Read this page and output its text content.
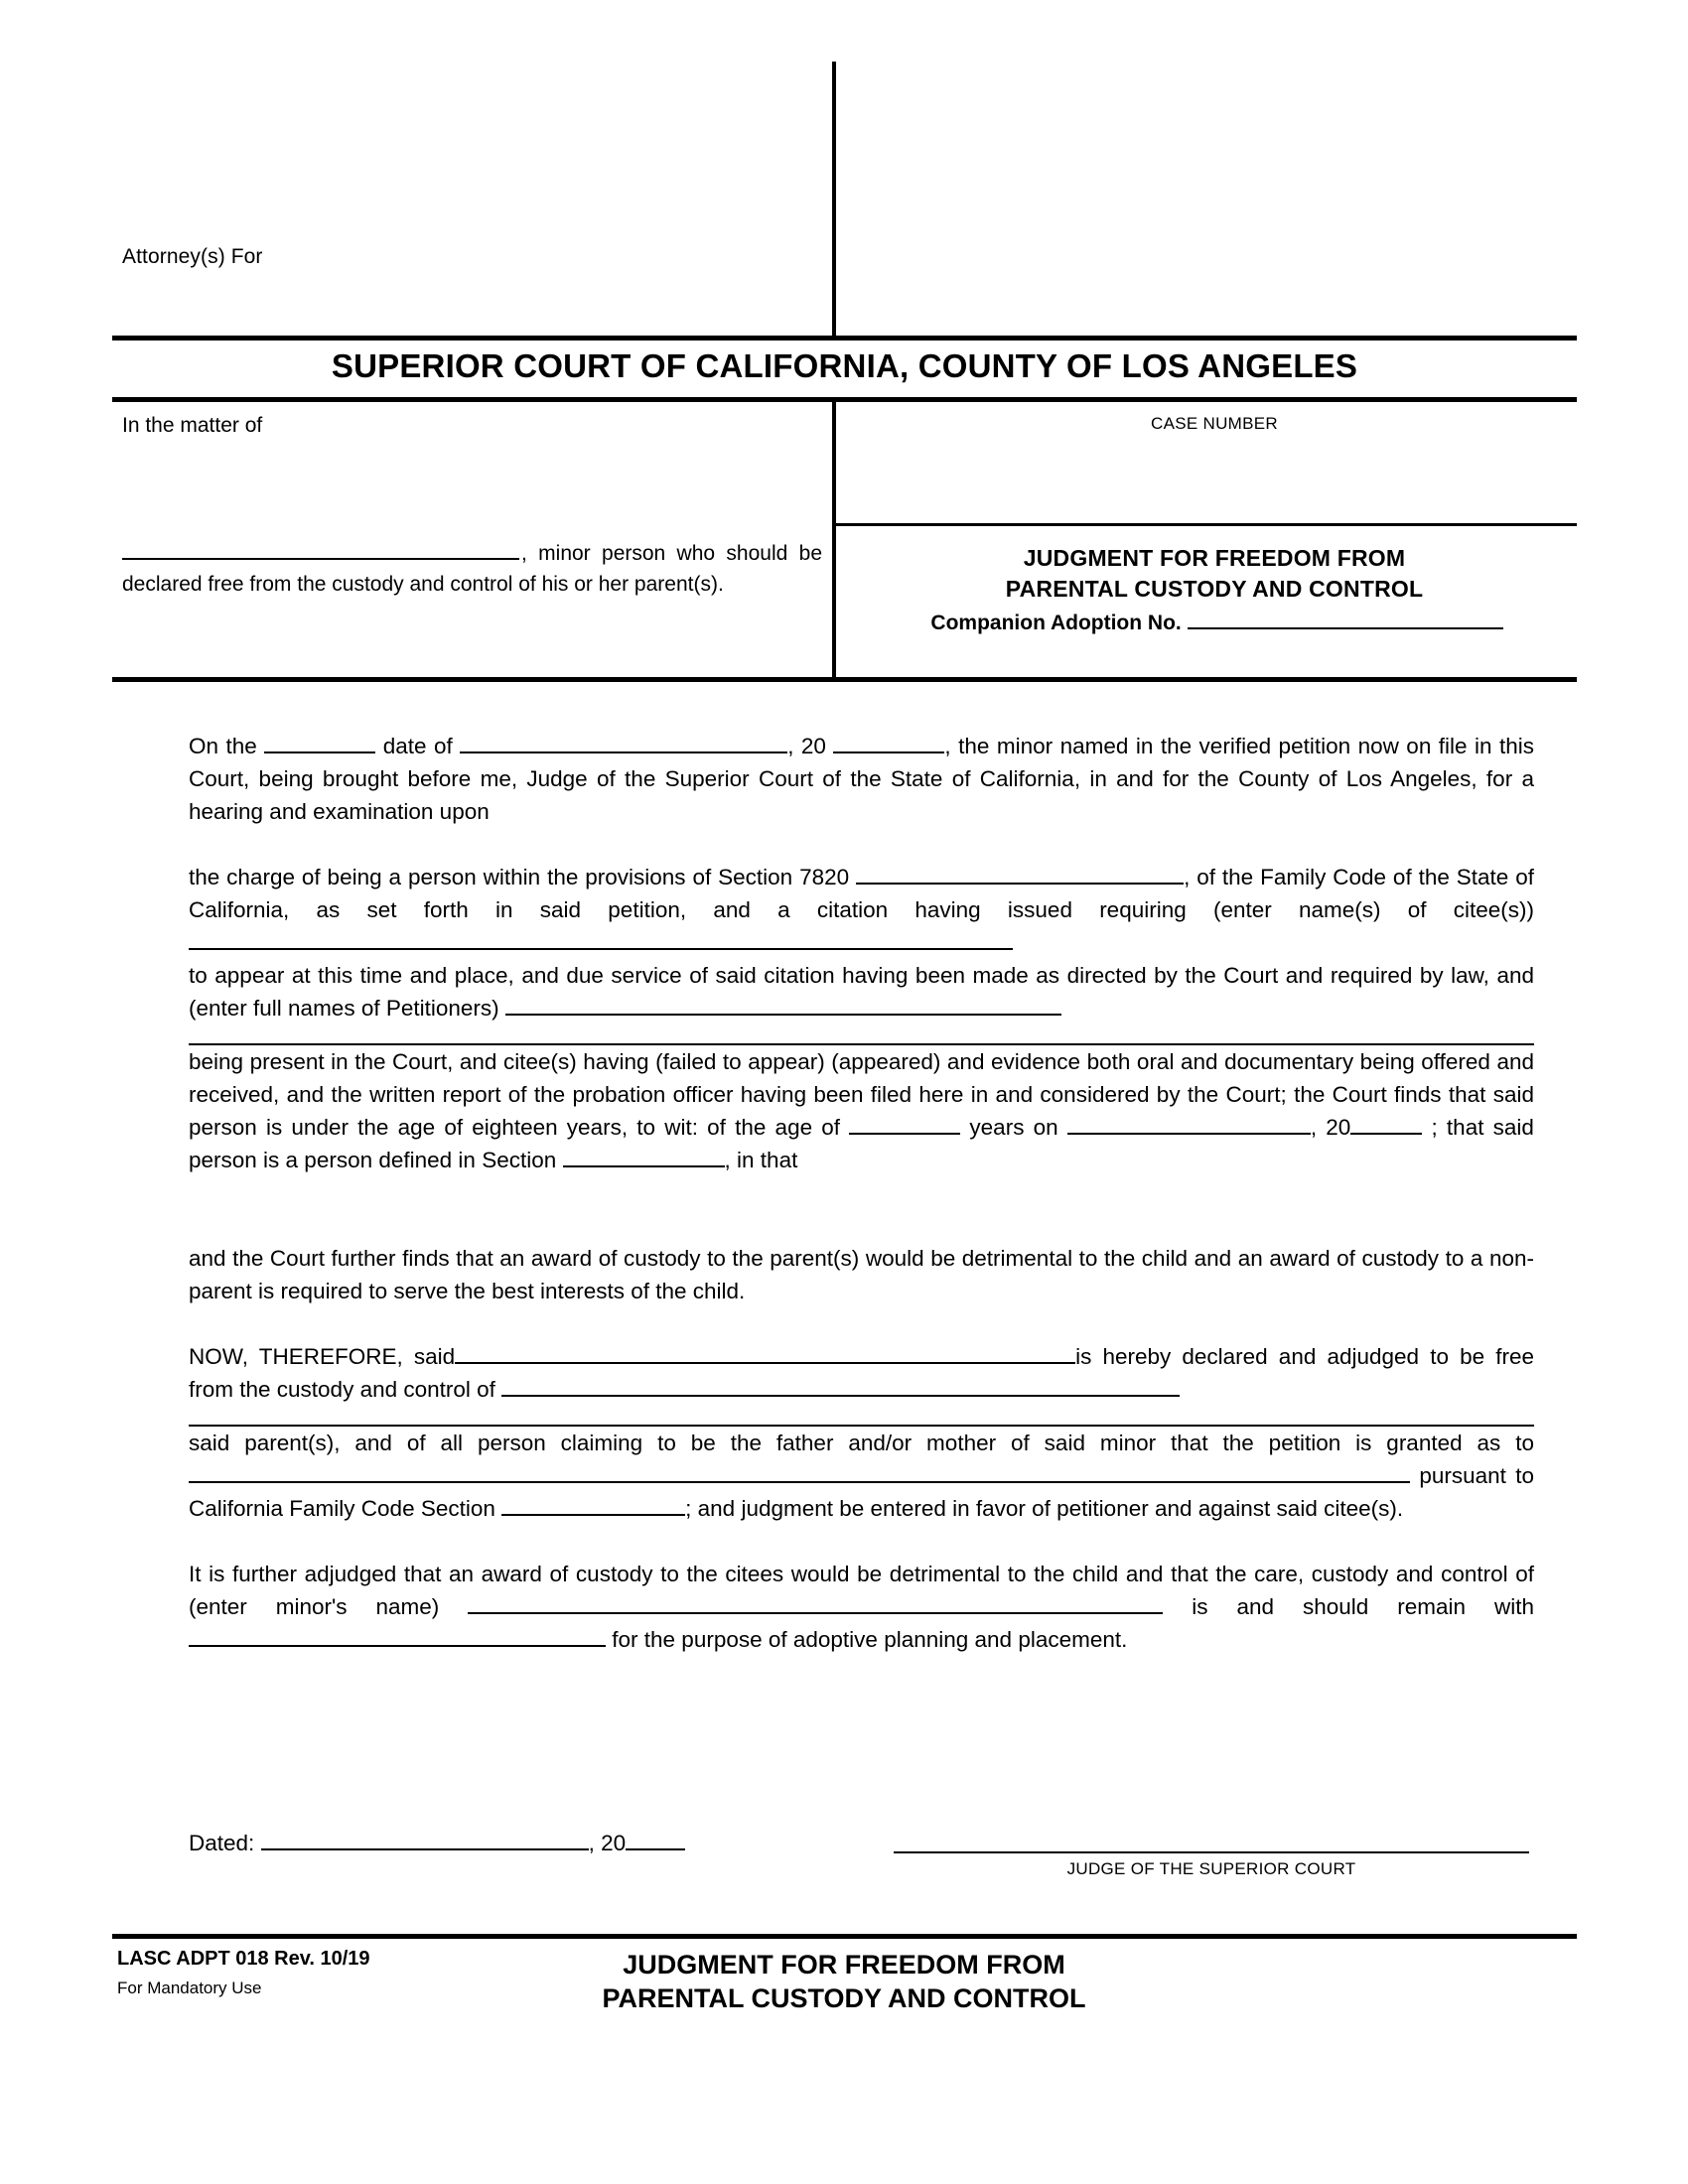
Attorney(s) For
SUPERIOR COURT OF CALIFORNIA, COUNTY OF LOS ANGELES
In the matter of	CASE NUMBER
, minor person who should be declared free from the custody and control of his or her parent(s).
JUDGMENT FOR FREEDOM FROM
PARENTAL CUSTODY AND CONTROL
Companion Adoption No.
On the	date of	, 20	, the minor named in the verified petition now on file in this Court, being brought before me, Judge of the Superior Court of the State of California, in and for the County of Los Angeles, for a hearing and examination upon
the charge of being a person within the provisions of Section 7820	, of the Family Code of the State of California, as set forth in said petition, and a citation having issued requiring (enter name(s) of citee(s))
to appear at this time and place, and due service of said citation having been made as directed by the Court and required by law, and (enter full names of Petitioners)
being present in the Court, and citee(s) having (failed to appear) (appeared) and evidence both oral and documentary being offered and received, and the written report of the probation officer having been filed here in and considered by the Court; the Court finds that said person is under the age of eighteen years, to wit: of the age of	years on	, 20	; that said person is a person defined in Section	, in that
and the Court further finds that an award of custody to the parent(s) would be detrimental to the child and an award of custody to a non-parent is required to serve the best interests of the child.
NOW, THEREFORE, said	is hereby declared and adjudged to be free from the custody and control of
said parent(s), and of all person claiming to be the father and/or mother of said minor that the petition is granted as to  pursuant to California Family Code Section	; and judgment be entered in favor of petitioner and against said citee(s).
It is further adjudged that an award of custody to the citees would be detrimental to the child and that the care, custody and control of (enter minor's name)	is and should remain with  for the purpose of adoptive planning and placement.
Dated:	, 20
JUDGE OF THE SUPERIOR COURT
LASC ADPT 018 Rev. 10/19
For Mandatory Use
JUDGMENT FOR FREEDOM FROM
PARENTAL CUSTODY AND CONTROL
